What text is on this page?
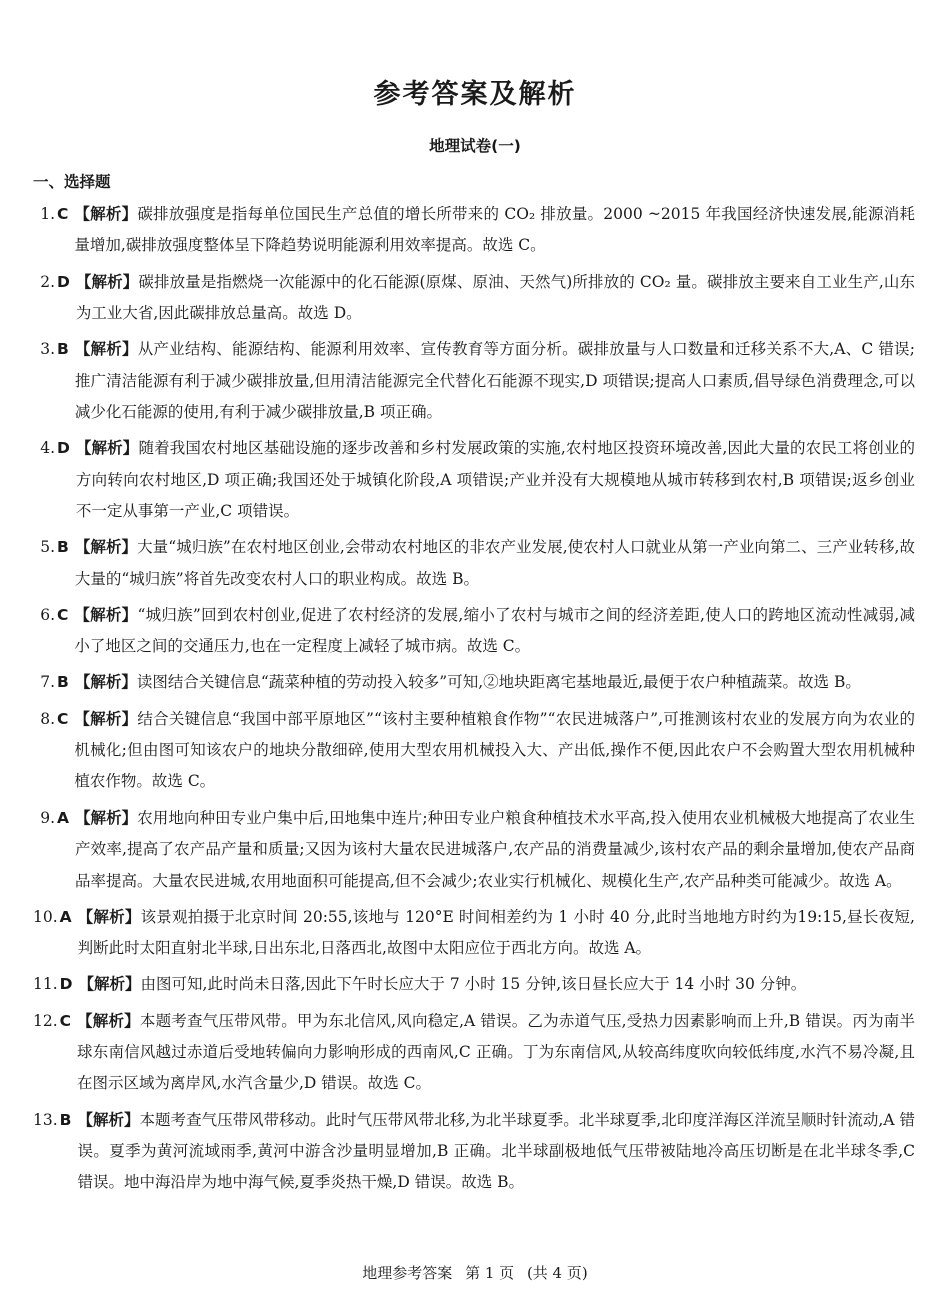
参考答案及解析
地理试卷(一)
一、选择题
1. C 【解析】碳排放强度是指每单位国民生产总值的增长所带来的 CO₂ 排放量。2000 ~2015 年我国经济快速发展,能源消耗量增加,碳排放强度整体呈下降趋势说明能源利用效率提高。故选 C。
2. D 【解析】碳排放量是指燃烧一次能源中的化石能源(原煤、原油、天然气)所排放的 CO₂ 量。碳排放主要来自工业生产,山东为工业大省,因此碳排放总量高。故选 D。
3. B 【解析】从产业结构、能源结构、能源利用效率、宣传教育等方面分析。碳排放量与人口数量和迁移关系不大,A、C 错误;推广清洁能源有利于减少碳排放量,但用清洁能源完全代替化石能源不现实,D 项错误;提高人口素质,倡导绿色消费理念,可以减少化石能源的使用,有利于减少碳排放量,B 项正确。
4. D 【解析】随着我国农村地区基础设施的逐步改善和乡村发展政策的实施,农村地区投资环境改善,因此大量的农民工将创业的方向转向农村地区,D 项正确;我国还处于城镇化阶段,A 项错误;产业并没有大规模地从城市转移到农村,B 项错误;返乡创业不一定从事第一产业,C 项错误。
5. B 【解析】大量“城归族”在农村地区创业,会带动农村地区的非农产业发展,使农村人口就业从第一产业向第二、三产业转移,故大量的“城归族”将首先改变农村人口的职业构成。故选 B。
6. C 【解析】“城归族”回到农村创业,促进了农村经济的发展,缩小了农村与城市之间的经济差距,使人口的跨地区流动性减弱,减小了地区之间的交通压力,也在一定程度上减轻了城市病。故选 C。
7. B 【解析】读图结合关键信息“蔬菜种植的劳动投入较多”可知,②地块距离宅基地最近,最便于农户种植蔬菜。故选 B。
8. C 【解析】结合关键信息“我国中部平原地区”“该村主要种植粮食作物”“农民进城落户”,可推测该村农业的发展方向为农业的机械化;但由图可知该农户的地块分散细碎,使用大型农用机械投入大、产出低,操作不便,因此农户不会购置大型农用机械种植农作物。故选 C。
9. A 【解析】农用地向种田专业户集中后,田地集中连片;种田专业户粮食种植技术水平高,投入使用农业机械极大地提高了农业生产效率,提高了农产品产量和质量;又因为该村大量农民进城落户,农产品的消费量减少,该村农产品的剩余量增加,使农产品商品率提高。大量农民进城,农用地面积可能提高,但不会减少;农业实行机械化、规模化生产,农产品种类可能减少。故选 A。
10. A 【解析】该景观拍摄于北京时间 20:55,该地与 120°E 时间相差约为 1 小时 40 分,此时当地地方时约为19:15,昼长夜短,判断此时太阳直射北半球,日出东北,日落西北,故图中太阳应位于西北方向。故选 A。
11. D 【解析】由图可知,此时尚未日落,因此下午时长应大于 7 小时 15 分钟,该日昼长应大于 14 小时 30 分钟。
12. C 【解析】本题考查气压带风带。甲为东北信风,风向稳定,A 错误。乙为赤道气压,受热力因素影响而上升,B 错误。丙为南半球东南信风越过赤道后受地转偏向力影响形成的西南风,C 正确。丁为东南信风,从较高纬度吹向较低纬度,水汽不易冷凝,且在图示区域为离岸风,水汽含量少,D 错误。故选 C。
13. B 【解析】本题考查气压带风带移动。此时气压带风带北移,为北半球夏季。北半球夏季,北印度洋海区洋流呈顺时针流动,A 错误。夏季为黄河流域雨季,黄河中游含沙量明显增加,B 正确。北半球副极地低气压带被陆地冷高压切断是在北半球冬季,C 错误。地中海沿岸为地中海气候,夏季炎热干燥,D 错误。故选 B。
地理参考答案 第 1 页 (共 4 页)
